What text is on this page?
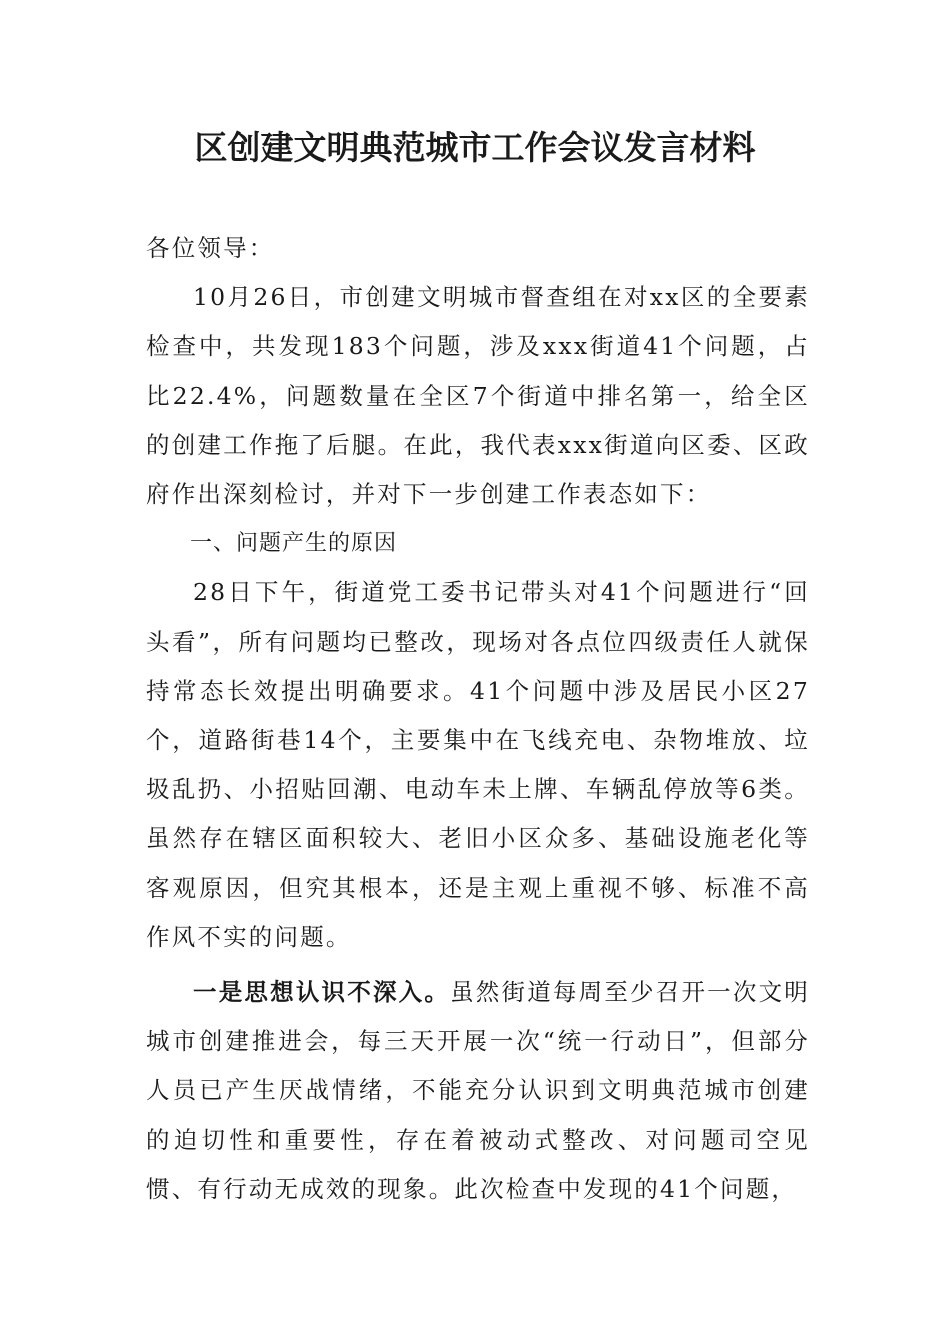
区创建文明典范城市工作会议发言材料

各位领导：

10月26日，市创建文明城市督查组在对xx区的全要素检查中，共发现183个问题，涉及xxx街道41个问题，占比22.4%，问题数量在全区7个街道中排名第一，给全区的创建工作拖了后腿。在此，我代表xxx街道向区委、区政府作出深刻检讨，并对下一步创建工作表态如下：

一、问题产生的原因

28日下午，街道党工委书记带头对41个问题进行“回头看”，所有问题均已整改，现场对各点位四级责任人就保持常态长效提出明确要求。41个问题中涉及居民小区27个，道路街巷14个，主要集中在飞线充电、杂物堆放、垃圾乱扔、小招贴回潮、电动车未上牌、车辆乱停放等6类。虽然存在辖区面积较大、老旧小区众多、基础设施老化等客观原因，但究其根本，还是主观上重视不够、标准不高作风不实的问题。

一是思想认识不深入。虽然街道每周至少召开一次文明城市创建推进会，每三天开展一次“统一行动日”，但部分人员已产生厌战情绪，不能充分认识到文明典范城市创建的迫切性和重要性，存在着被动式整改、对问题司空见惯、有行动无成效的现象。此次检查中发现的41个问题，
